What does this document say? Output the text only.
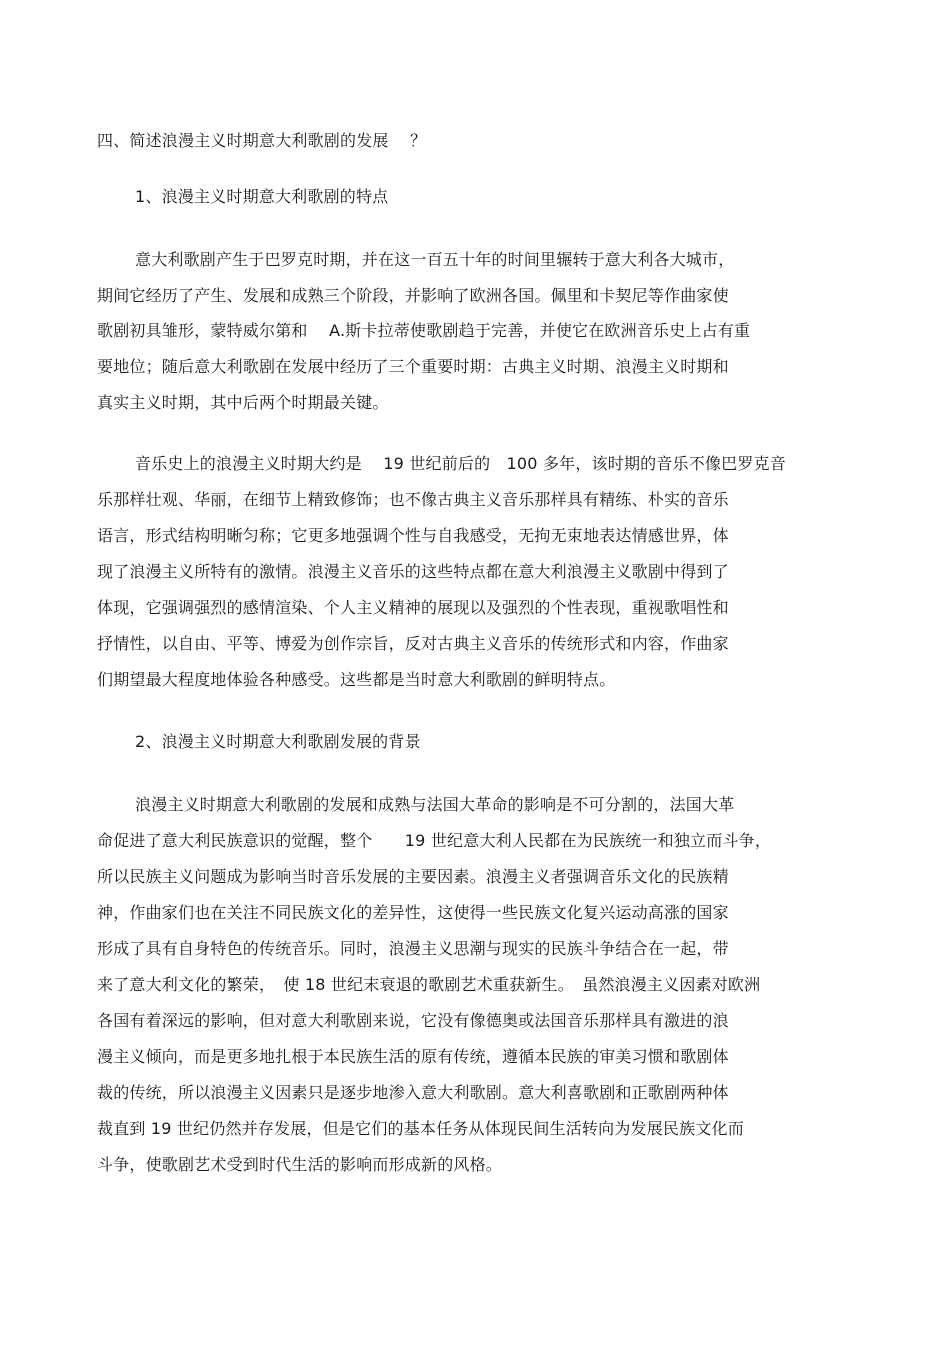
四、简述浪漫主义时期意大利歌剧的发展　 ？
1、浪漫主义时期意大利歌剧的特点
意大利歌剧产生于巴罗克时期，并在这一百五十年的时间里辗转于意大利各大城市，
期间它经历了产生、发展和成熟三个阶段，并影响了欧洲各国。佩里和卡契尼等作曲家使
歌剧初具雏形，蒙特威尔第和　 A.斯卡拉蒂使歌剧趋于完善，并使它在欧洲音乐史上占有重
要地位；随后意大利歌剧在发展中经历了三个重要时期：古典主义时期、浪漫主义时期和
真实主义时期，其中后两个时期最关键。
音乐史上的浪漫主义时期大约是　 19 世纪前后的　100 多年，该时期的音乐不像巴罗克音
乐那样壮观、华丽，在细节上精致修饰；也不像古典主义音乐那样具有精练、朴实的音乐
语言，形式结构明晰匀称；它更多地强调个性与自我感受，无拘无束地表达情感世界，体
现了浪漫主义所特有的激情。浪漫主义音乐的这些特点都在意大利浪漫主义歌剧中得到了
体现，它强调强烈的感情渲染、个人主义精神的展现以及强烈的个性表现，重视歌唱性和
抒情性，以自由、平等、博爱为创作宗旨，反对古典主义音乐的传统形式和内容，作曲家
们期望最大程度地体验各种感受。这些都是当时意大利歌剧的鲜明特点。
2、浪漫主义时期意大利歌剧发展的背景
浪漫主义时期意大利歌剧的发展和成熟与法国大革命的影响是不可分割的，法国大革
命促进了意大利民族意识的觉醒，整个　　19 世纪意大利人民都在为民族统一和独立而斗争，
所以民族主义问题成为影响当时音乐发展的主要因素。浪漫主义者强调音乐文化的民族精
神，作曲家们也在关注不同民族文化的差异性，这使得一些民族文化复兴运动高涨的国家
形成了具有自身特色的传统音乐。同时，浪漫主义思潮与现实的民族斗争结合在一起，带
来了意大利文化的繁荣，　使 18 世纪末衰退的歌剧艺术重获新生。　虽然浪漫主义因素对欧洲
各国有着深远的影响，但对意大利歌剧来说，它没有像德奥或法国音乐那样具有激进的浪
漫主义倾向，而是更多地扎根于本民族生活的原有传统，遵循本民族的审美习惯和歌剧体
裁的传统，所以浪漫主义因素只是逐步地渗入意大利歌剧。意大利喜歌剧和正歌剧两种体
裁直到 19 世纪仍然并存发展，但是它们的基本任务从体现民间生活转向为发展民族文化而
斗争，使歌剧艺术受到时代生活的影响而形成新的风格。
